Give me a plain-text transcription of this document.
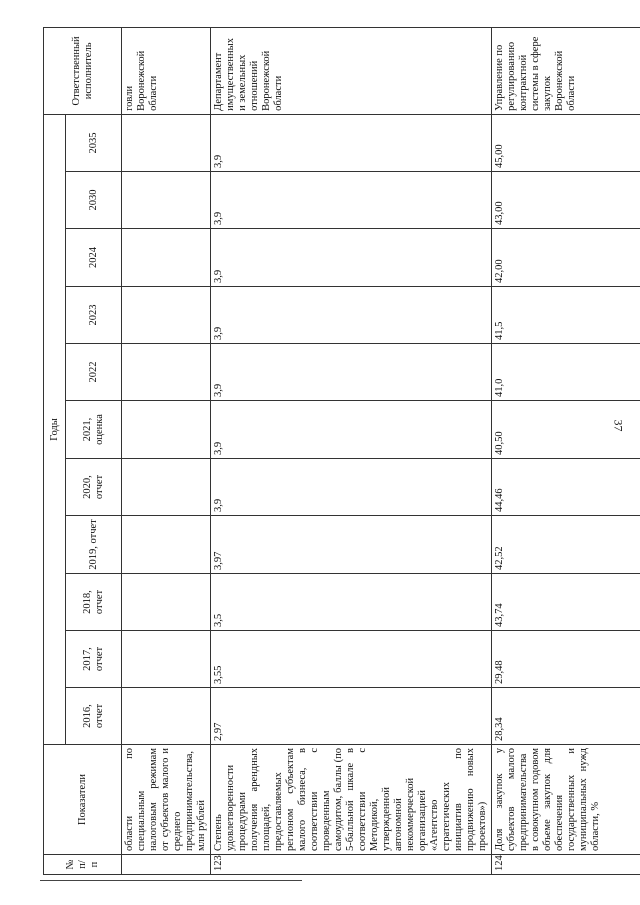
37
№
п/п	Показатели	Годы											Ответственный исполнитель
		2016, отчет	2017, отчет	2018, отчет	2019, отчет	2020, отчет	2021, оценка	2022	2023	2024	2030	2035	
	области по специальным налоговым режимам от субъектов малого и среднего предпринимательства, млн рублей												говли Воронежской области
123	Степень удовлетворенности процедурами получения арендных площадей, предоставляемых регионом субъектам малого бизнеса, в соответствии с проведенным самоудитом, баллы (по 5-балльной шкале в соответствии с Методикой, утвержденной автономной некоммерческой организацией «Агентство стратегических инициатив по продвижению новых проектов»)	2,97	3,55	3,5	3,97	3,9	3,9	3,9	3,9	3,9	3,9	3,9	Департамент имущественных и земельных отношений Воронежской области
124	Доля закупок у субъектов малого предпринимательства в совокупном годовом объеме закупок для обеспечения государственных и муниципальных нужд области, %	28,34	29,48	43,74	42,52	44,46	40,50	41,0	41,5	42,00	43,00	45,00	Управление по регулированию контрактной системы в сфере закупок Воронежской области
